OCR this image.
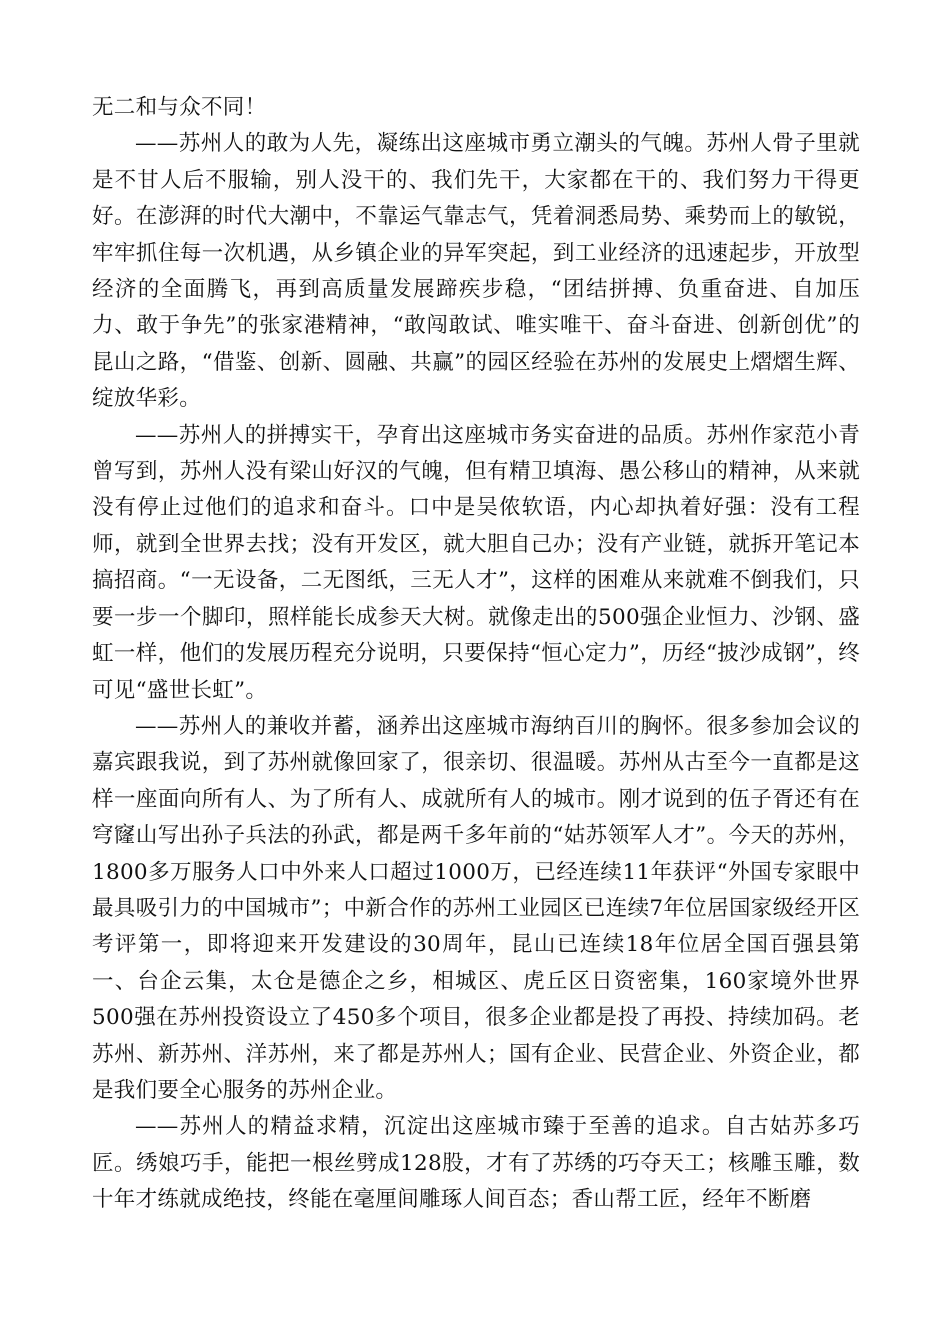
无二和与众不同！

——苏州人的敢为人先，凝练出这座城市勇立潮头的气魄。苏州人骨子里就是不甘人后不服输，别人没干的、我们先干，大家都在干的、我们努力干得更好。在澎湃的时代大潮中，不靠运气靠志气，凭着洞悉局势、乘势而上的敏锐，牢牢抓住每一次机遇，从乡镇企业的异军突起，到工业经济的迅速起步，开放型经济的全面腾飞，再到高质量发展蹄疾步稳，“团结拼搏、负重奋进、自加压力、敢于争先”的张家港精神，“敢闯敢试、唯实唯干、奋斗奋进、创新创优”的昆山之路，“借鉴、创新、圆融、共赢”的园区经验在苏州的发展史上熠熠生辉、绽放华彩。

——苏州人的拼搏实干，孕育出这座城市务实奋进的品质。苏州作家范小青曾写到，苏州人没有梁山好汉的气魄，但有精卫填海、愚公移山的精神，从来就没有停止过他们的追求和奋斗。口中是吴侬软语，内心却执着好强：没有工程师，就到全世界去找；没有开发区，就大胆自己办；没有产业链，就拆开笔记本搞招商。“一无设备，二无图纸，三无人才”，这样的困难从来就难不倒我们，只要一步一个脚印，照样能长成参天大树。就像走出的500强企业恒力、沙钢、盛虹一样，他们的发展历程充分说明，只要保持“恒心定力”，历经“披沙成钢”，终可见“盛世长虹”。

——苏州人的兼收并蓄，涵养出这座城市海纳百川的胸怀。很多参加会议的嘉宾跟我说，到了苏州就像回家了，很亲切、很温暖。苏州从古至今一直都是这样一座面向所有人、为了所有人、成就所有人的城市。刚才说到的伍子胥还有在穹窿山写出孙子兵法的孙武，都是两千多年前的“姑苏领军人才”。今天的苏州，1800多万服务人口中外来人口超过1000万，已经连续11年获评“外国专家眼中最具吸引力的中国城市”；中新合作的苏州工业园区已连续7年位居国家级经开区考评第一，即将迎来开发建设的30周年，昆山已连续18年位居全国百强县第一、台企云集，太仓是德企之乡，相城区、虎丘区日资密集，160家境外世界500强在苏州投资设立了450多个项目，很多企业都是投了再投、持续加码。老苏州、新苏州、洋苏州，来了都是苏州人；国有企业、民营企业、外资企业，都是我们要全心服务的苏州企业。

——苏州人的精益求精，沉淀出这座城市臻于至善的追求。自古姑苏多巧匠。绣娘巧手，能把一根丝劈成128股，才有了苏绣的巧夺天工；核雕玉雕，数十年才练就成绝技，终能在毫厘间雕琢人间百态；香山帮工匠，经年不断磨
